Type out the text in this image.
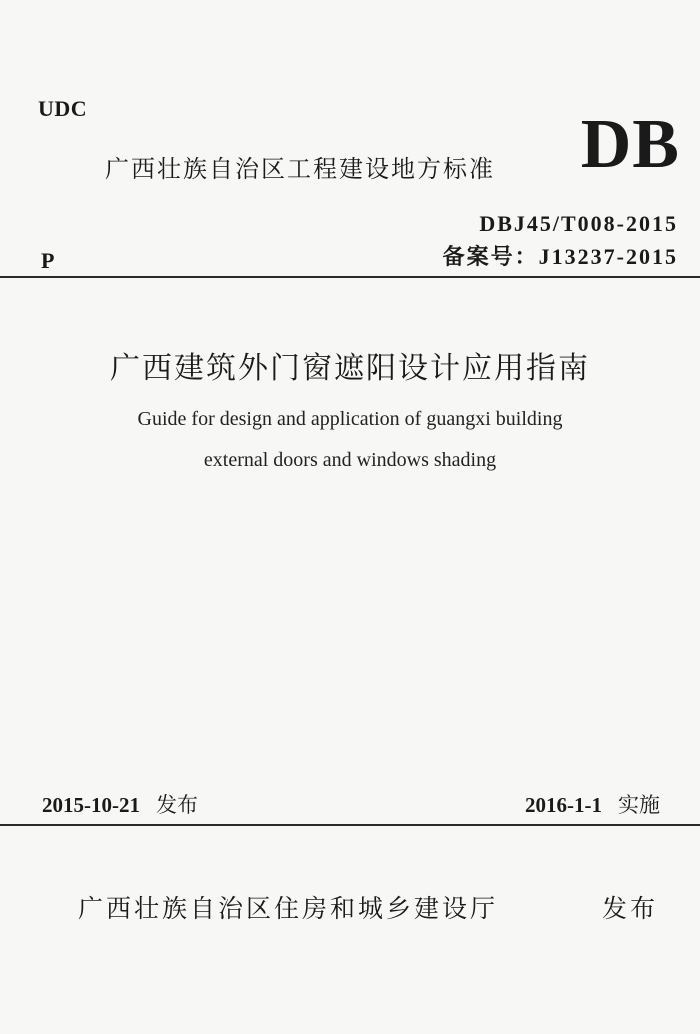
UDC
广西壮族自治区工程建设地方标准 DB
DBJ45/T008-2015
备案号：J13237-2015
P
广西建筑外门窗遮阳设计应用指南
Guide for design and application of guangxi building
external doors and windows shading
2015-10-21 发布	2016-1-1 实施
广西壮族自治区住房和城乡建设厅	发布
